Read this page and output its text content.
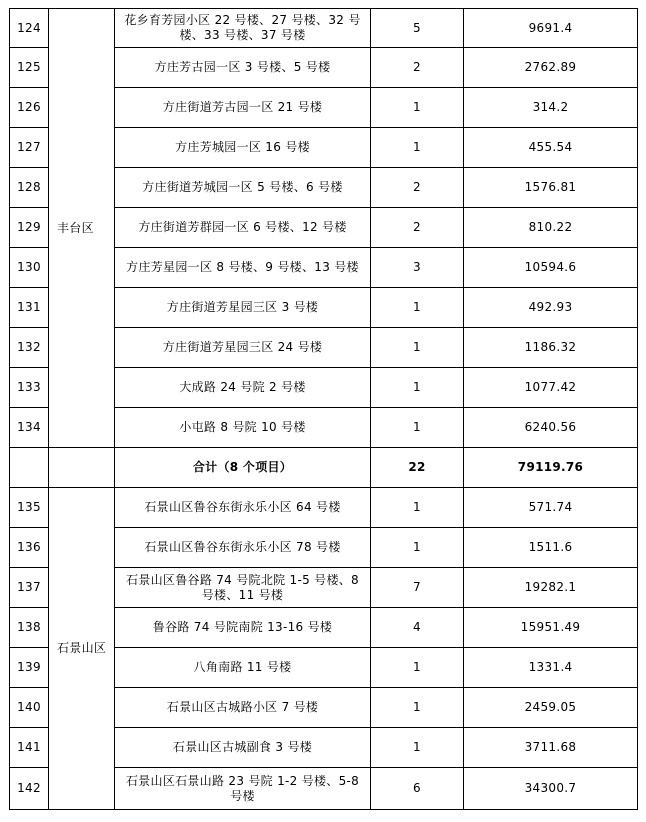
124	丰台区	花乡育芳园小区 22 号楼、27 号楼、32 号楼、33 号楼、37 号楼	5	9691.4
125		方庄芳古园一区 3 号楼、5 号楼	2	2762.89
126		方庄街道芳古园一区 21 号楼	1	314.2
127		方庄芳城园一区 16 号楼	1	455.54
128		方庄街道芳城园一区 5 号楼、6 号楼	2	1576.81
129		方庄街道芳群园一区 6 号楼、12 号楼	2	810.22
130		方庄芳星园一区 8 号楼、9 号楼、13 号楼	3	10594.6
131		方庄街道芳星园三区 3 号楼	1	492.93
132		方庄街道芳星园三区 24 号楼	1	1186.32
133		大成路 24 号院 2 号楼	1	1077.42
134		小屯路 8 号院 10 号楼	1	6240.56
		合计（8 个项目）	22	79119.76
135	石景山区	石景山区鲁谷东街永乐小区 64 号楼	1	571.74
136		石景山区鲁谷东街永乐小区 78 号楼	1	1511.6
137		石景山区鲁谷路 74 号院北院 1-5 号楼、8 号楼、11 号楼	7	19282.1
138		鲁谷路 74 号院南院 13-16 号楼	4	15951.49
139		八角南路 11 号楼	1	1331.4
140		石景山区古城路小区 7 号楼	1	2459.05
141		石景山区古城副食 3 号楼	1	3711.68
142		石景山区石景山路 23 号院 1-2 号楼、5-8 号楼	6	34300.7
